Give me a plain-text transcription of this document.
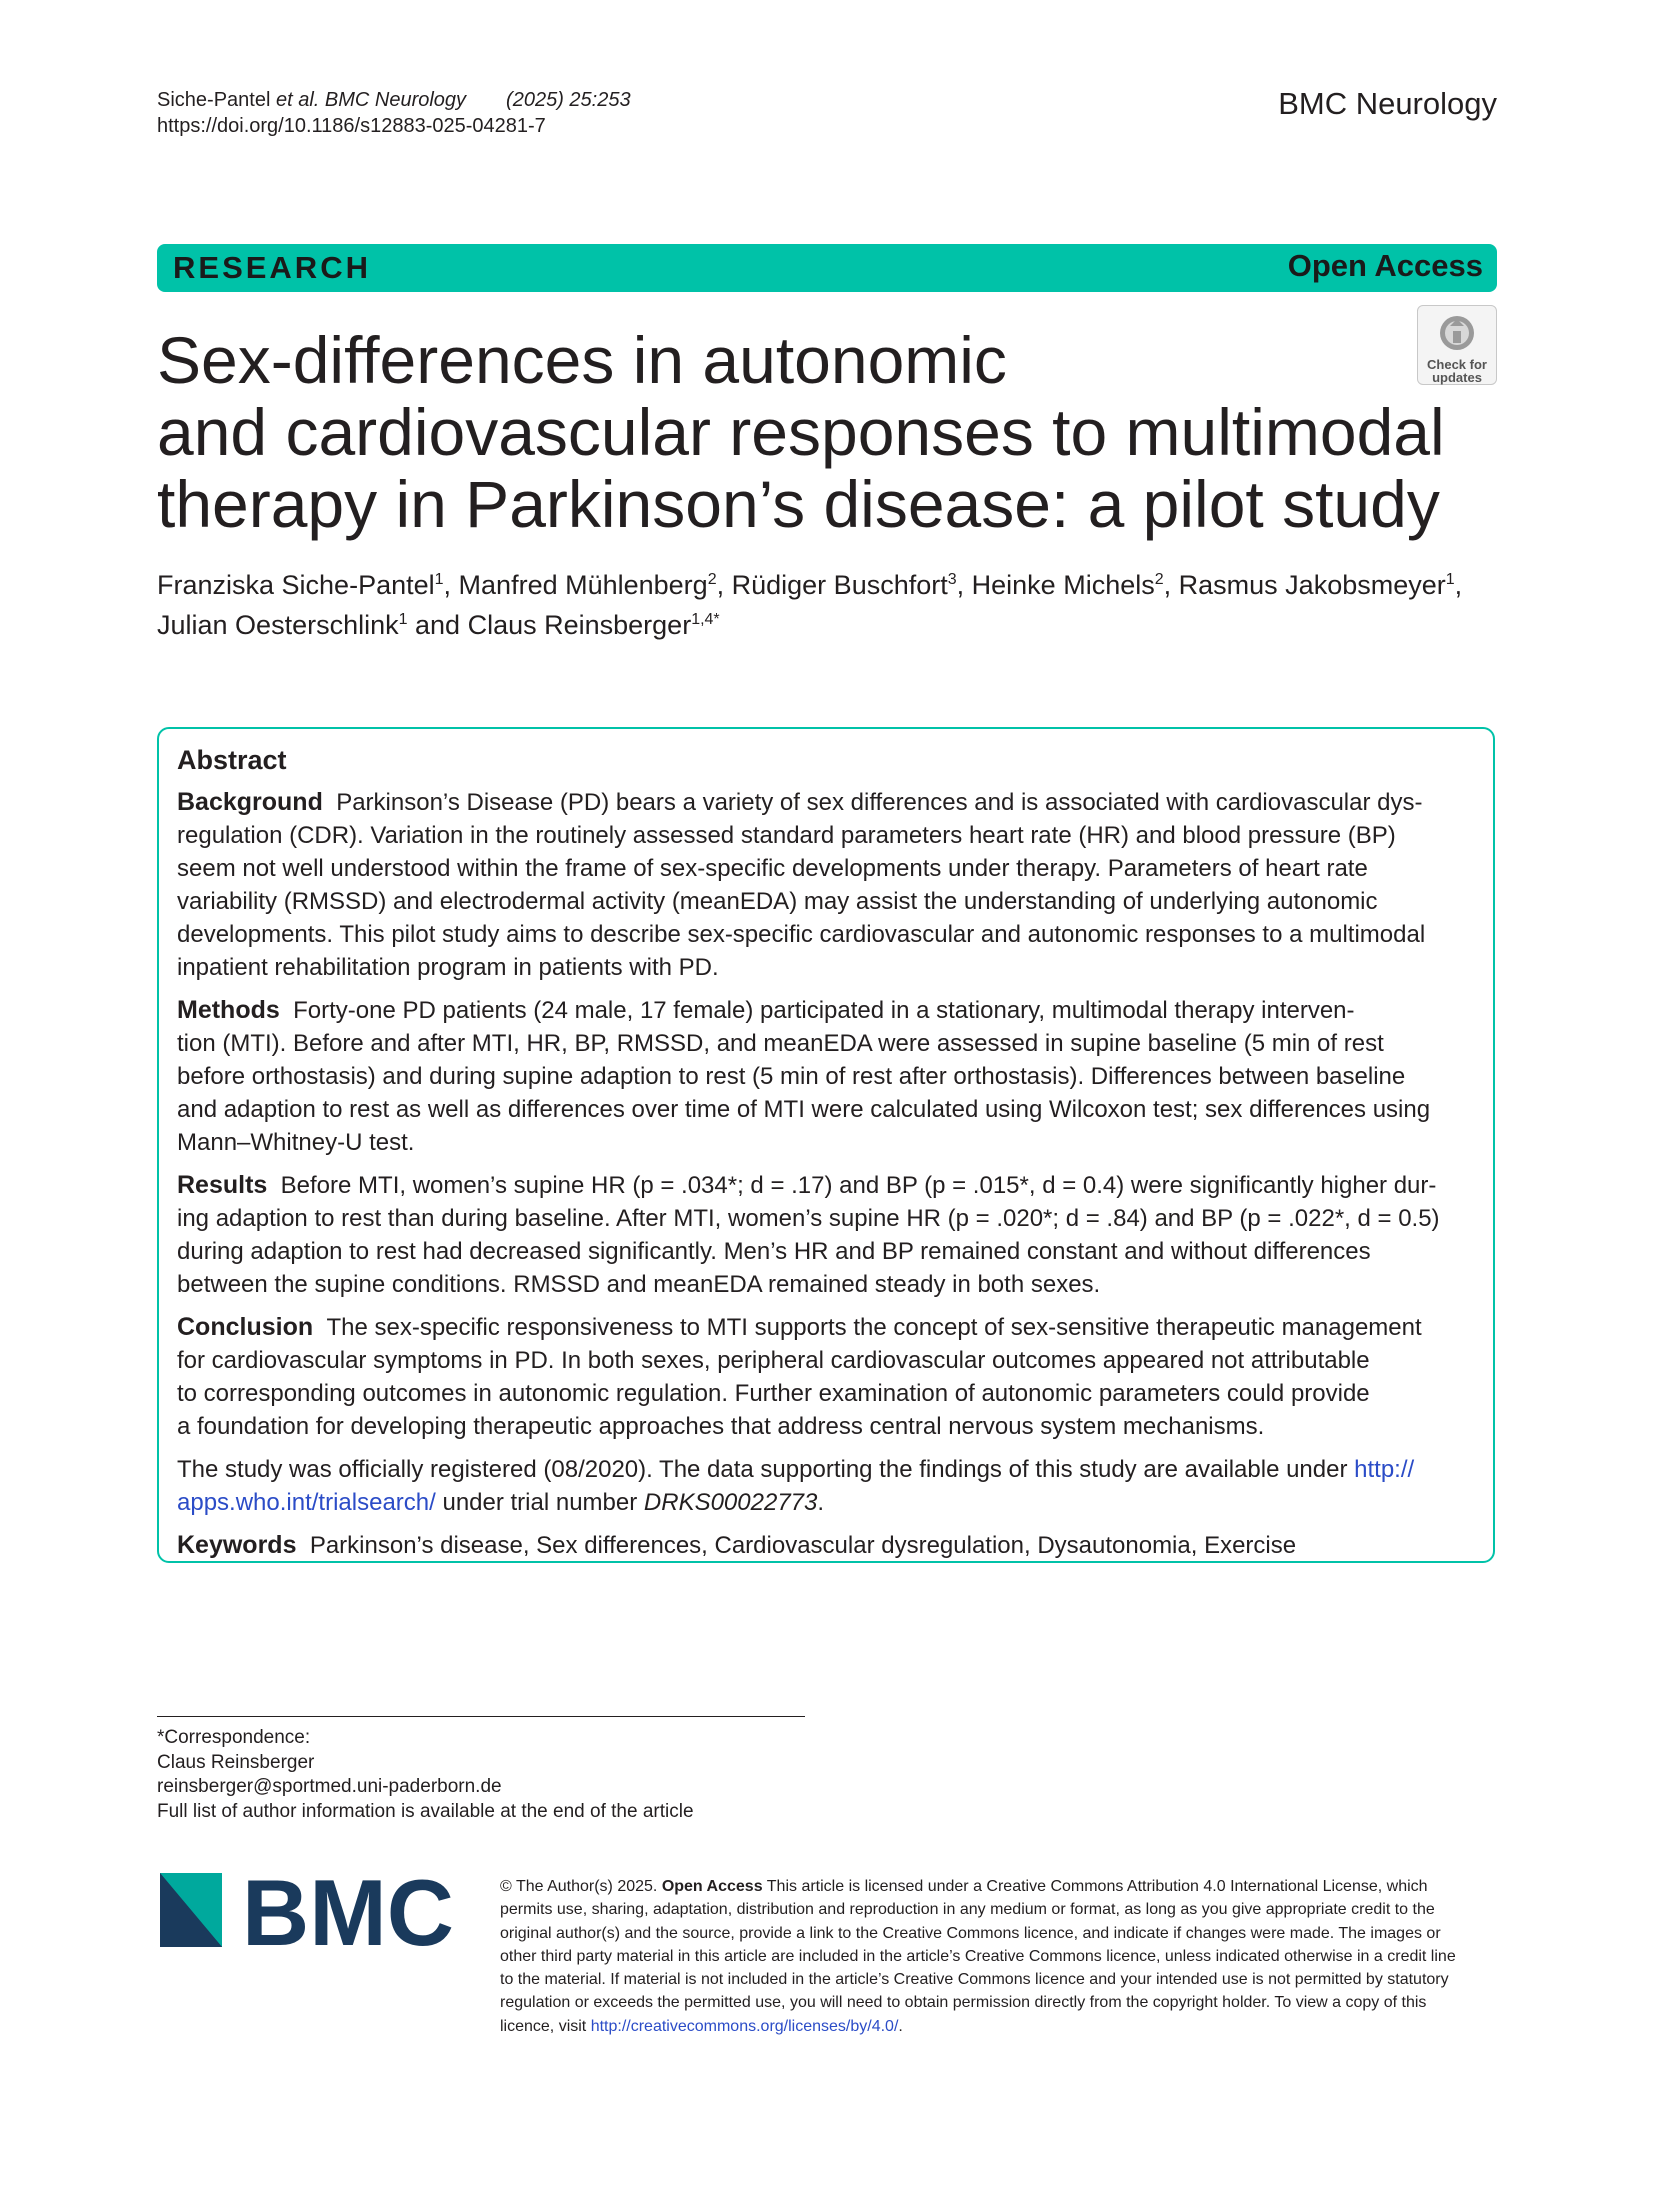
Siche-Pantel et al. BMC Neurology (2025) 25:253
https://doi.org/10.1186/s12883-025-04281-7
BMC Neurology
RESEARCH	Open Access
Check for
updates
Sex-differences in autonomic
and cardiovascular responses to multimodal
therapy in Parkinson’s disease: a pilot study
Franziska Siche-Pantel$^1$, Manfred Mühlenberg$^2$, Rüdiger Buschfort$^3$, Heinke Michels$^2$, Rasmus Jakobsmeyer$^1$,
Julian Oesterschlink$^1$ and Claus Reinsberger$^{1,4*}$
Abstract
Background Parkinson’s Disease (PD) bears a variety of sex differences and is associated with cardiovascular dys-
regulation (CDR). Variation in the routinely assessed standard parameters heart rate (HR) and blood pressure (BP)
seem not well understood within the frame of sex-specific developments under therapy. Parameters of heart rate
variability (RMSSD) and electrodermal activity (meanEDA) may assist the understanding of underlying autonomic
developments. This pilot study aims to describe sex-specific cardiovascular and autonomic responses to a multimodal
inpatient rehabilitation program in patients with PD.
Methods Forty-one PD patients (24 male, 17 female) participated in a stationary, multimodal therapy interven-
tion (MTI). Before and after MTI, HR, BP, RMSSD, and meanEDA were assessed in supine baseline (5 min of rest
before orthostasis) and during supine adaption to rest (5 min of rest after orthostasis). Differences between baseline
and adaption to rest as well as differences over time of MTI were calculated using Wilcoxon test; sex differences using
Mann–Whitney-U test.
Results Before MTI, women’s supine HR (p = .034*; d = .17) and BP (p = .015*, d = 0.4) were significantly higher dur-
ing adaption to rest than during baseline. After MTI, women’s supine HR (p = .020*; d = .84) and BP (p = .022*, d = 0.5)
during adaption to rest had decreased significantly. Men’s HR and BP remained constant and without differences
between the supine conditions. RMSSD and meanEDA remained steady in both sexes.
Conclusion The sex-specific responsiveness to MTI supports the concept of sex-sensitive therapeutic management
for cardiovascular symptoms in PD. In both sexes, peripheral cardiovascular outcomes appeared not attributable
to corresponding outcomes in autonomic regulation. Further examination of autonomic parameters could provide
a foundation for developing therapeutic approaches that address central nervous system mechanisms.
The study was officially registered (08/2020). The data supporting the findings of this study are available under http://
apps.who.int/trialsearch/ under trial number DRKS00022773.
Keywords Parkinson’s disease, Sex differences, Cardiovascular dysregulation, Dysautonomia, Exercise
*Correspondence:
Claus Reinsberger
reinsberger@sportmed.uni-paderborn.de
Full list of author information is available at the end of the article
BMC	© The Author(s) 2025. Open Access This article is licensed under a Creative Commons Attribution 4.0 International License, which
permits use, sharing, adaptation, distribution and reproduction in any medium or format, as long as you give appropriate credit to the
original author(s) and the source, provide a link to the Creative Commons licence, and indicate if changes were made. The images or
other third party material in this article are included in the article’s Creative Commons licence, unless indicated otherwise in a credit line
to the material. If material is not included in the article’s Creative Commons licence and your intended use is not permitted by statutory
regulation or exceeds the permitted use, you will need to obtain permission directly from the copyright holder. To view a copy of this
licence, visit http://creativecommons.org/licenses/by/4.0/.
